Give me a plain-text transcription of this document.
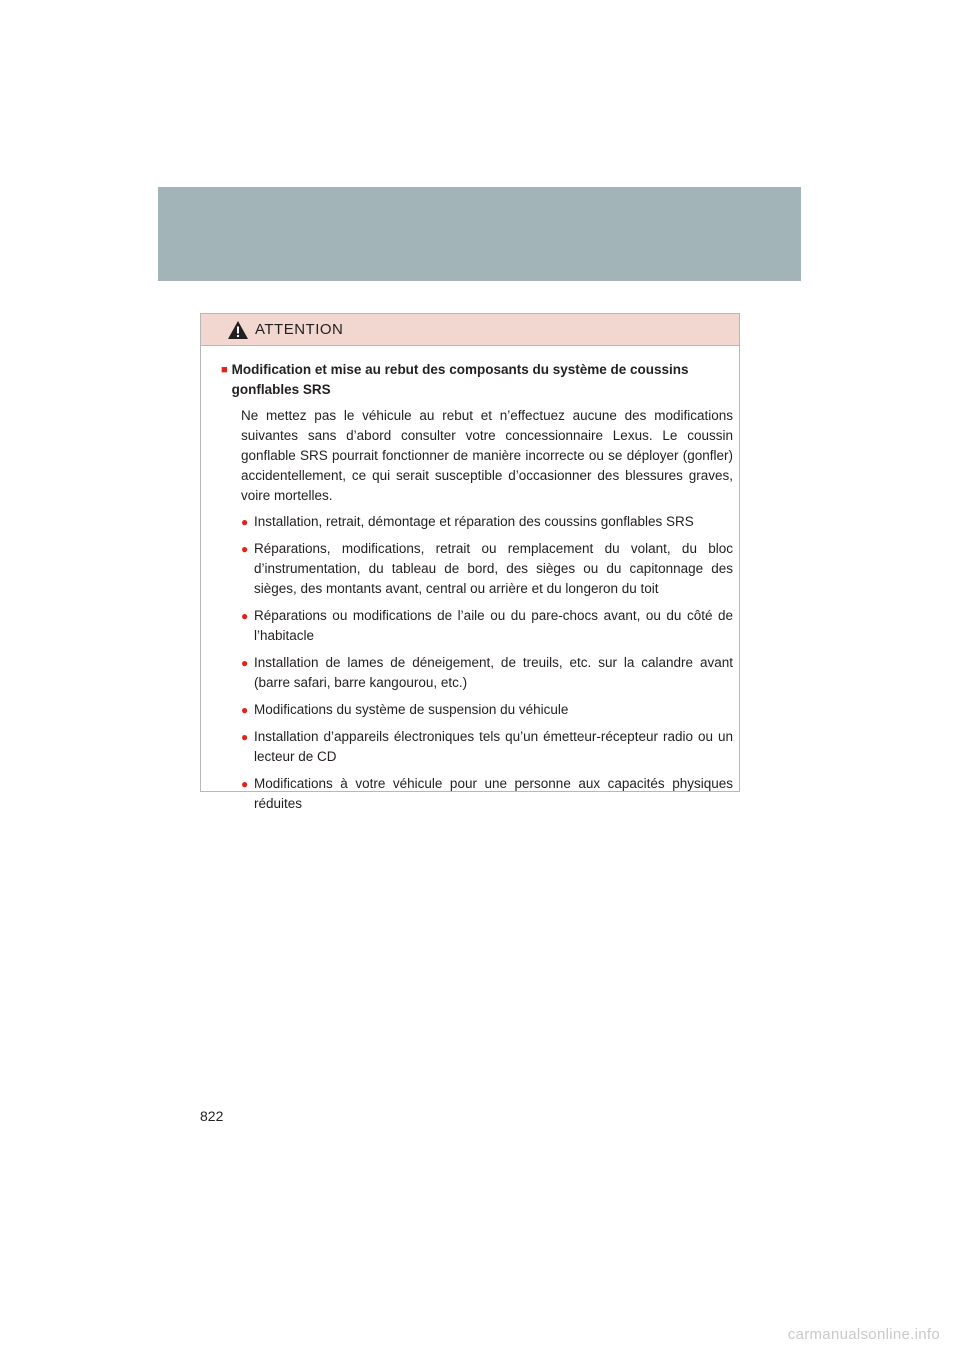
ATTENTION
■ Modification et mise au rebut des composants du système de coussins gonflables SRS

Ne mettez pas le véhicule au rebut et n’effectuez aucune des modifications suivantes sans d’abord consulter votre concessionnaire Lexus. Le coussin gonflable SRS pourrait fonctionner de manière incorrecte ou se déployer (gonfler) accidentellement, ce qui serait susceptible d’occasionner des blessures graves, voire mortelles.

● Installation, retrait, démontage et réparation des coussins gonflables SRS
● Réparations, modifications, retrait ou remplacement du volant, du bloc d’instrumentation, du tableau de bord, des sièges ou du capitonnage des sièges, des montants avant, central ou arrière et du longeron du toit
● Réparations ou modifications de l’aile ou du pare-chocs avant, ou du côté de l’habitacle
● Installation de lames de déneigement, de treuils, etc. sur la calandre avant (barre safari, barre kangourou, etc.)
● Modifications du système de suspension du véhicule
● Installation d’appareils électroniques tels qu’un émetteur-récepteur radio ou un lecteur de CD
● Modifications à votre véhicule pour une personne aux capacités physiques réduites
822
carmanualsonline.info
